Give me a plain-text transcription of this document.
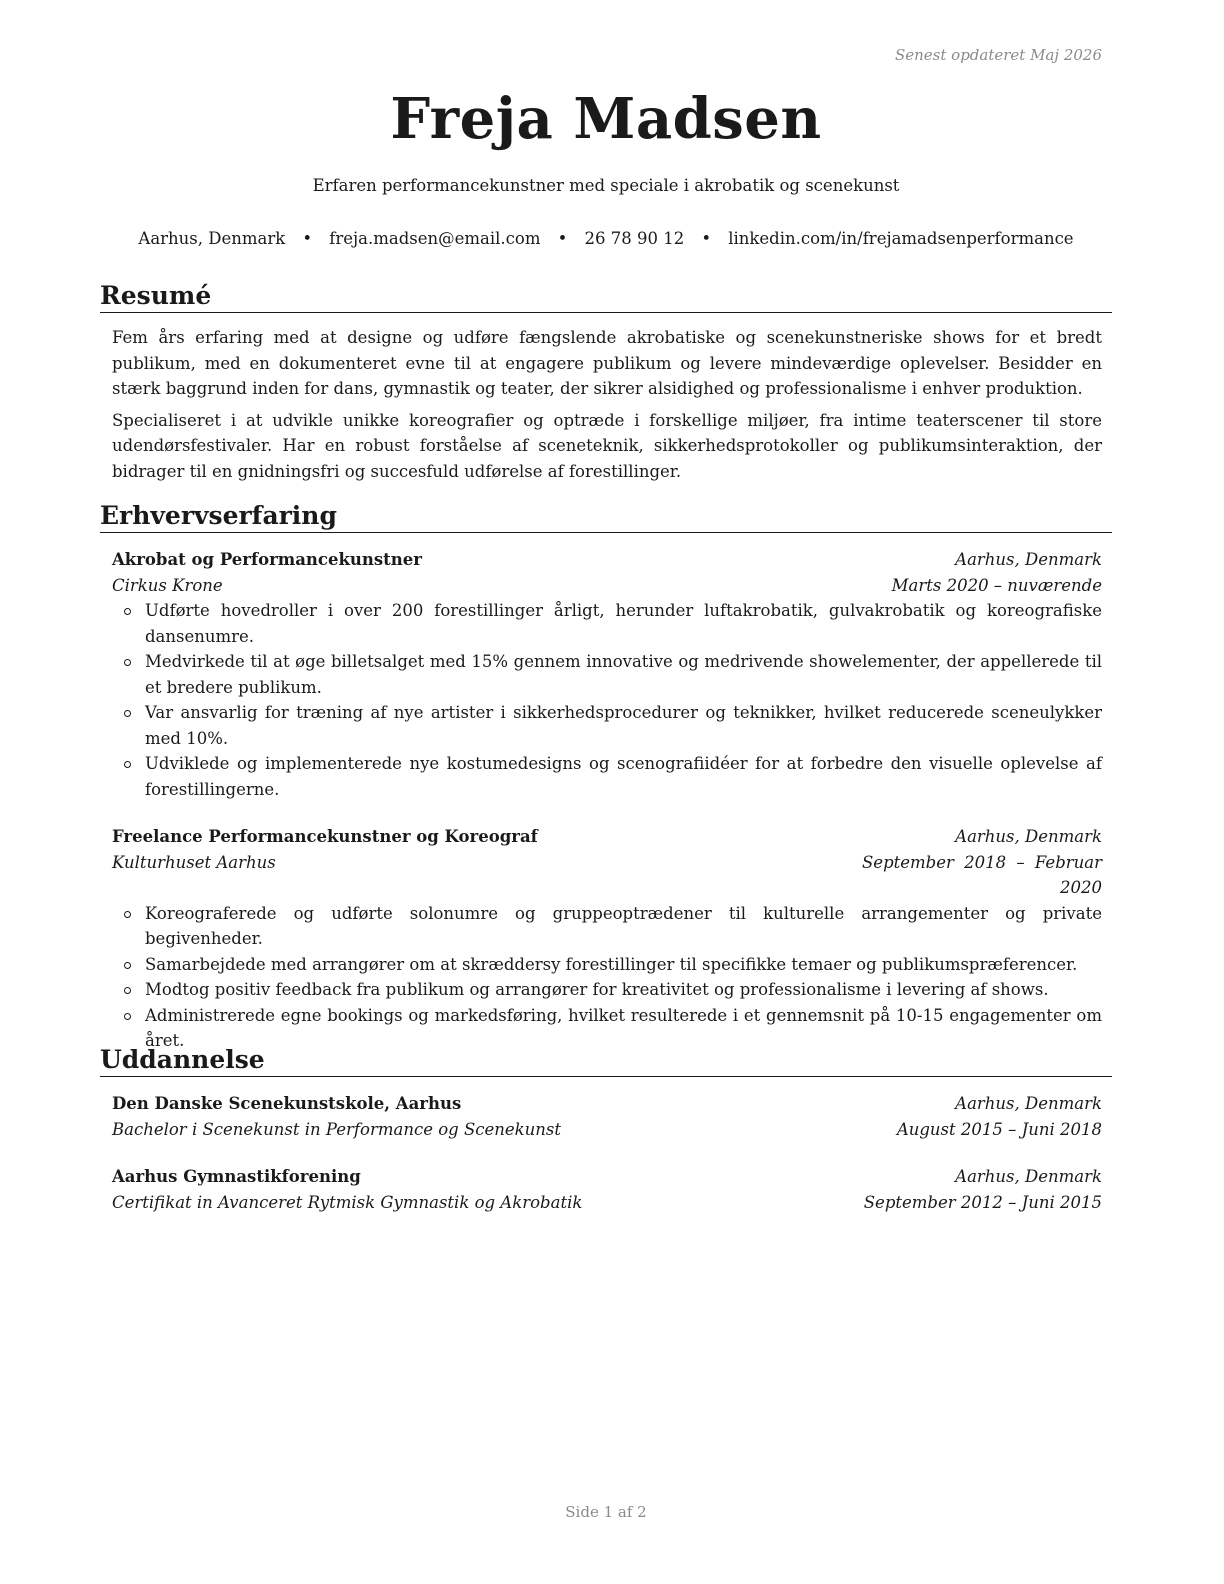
Senest opdateret Maj 2026
Freja Madsen
Erfaren performancekunstner med speciale i akrobatik og scenekunst
Aarhus, Denmark • freja.madsen@email.com • 26 78 90 12 • linkedin.com/in/frejamadsenperformance
Resumé

Fem års erfaring med at designe og udføre fængslende akrobatiske og scenekunstneriske shows for et bredt publikum, med en dokumenteret evne til at engagere publikum og levere mindeværdige oplevelser. Besidder en stærk baggrund inden for dans, gymnastik og teater, der sikrer alsidighed og professionalisme i enhver produktion.

Specialiseret i at udvikle unikke koreografier og optræde i forskellige miljøer, fra intime teaterscener til store udendørsfestivaler. Har en robust forståelse af sceneteknik, sikkerhedsprotokoller og publikumsinteraktion, der bidrager til en gnidningsfri og succesfuld udførelse af forestillinger.

Erhvervserfaring
Akrobat og Performancekunstner	Aarhus, Denmark
Cirkus Krone	Marts 2020 – nuværende
Udførte hovedroller i over 200 forestillinger årligt, herunder luftakrobatik, gulvakrobatik og koreografiske dansenumre.
Medvirkede til at øge billetsalget med 15% gennem innovative og medrivende showelementer, der appellerede til et bredere publikum.
Var ansvarlig for træning af nye artister i sikkerhedsprocedurer og teknikker, hvilket reducerede sceneulykker med 10%.
Udviklede og implementerede nye kostumedesigns og scenografiidéer for at forbedre den visuelle oplevelse af forestillingerne.
Freelance Performancekunstner og Koreograf	Aarhus, Denmark
Kulturhuset Aarhus	September 2018 – Februar 2020
Koreograferede og udførte solonumre og gruppeoptrædener til kulturelle arrangementer og private begivenheder.
Samarbejdede med arrangører om at skræddersy forestillinger til specifikke temaer og publikumspræferencer.
Modtog positiv feedback fra publikum og arrangører for kreativitet og professionalisme i levering af shows.
Administrerede egne bookings og markedsføring, hvilket resulterede i et gennemsnit på 10-15 engagementer om året.
Uddannelse
Den Danske Scenekunstskole, Aarhus	Aarhus, Denmark
Bachelor i Scenekunst in Performance og Scenekunst	August 2015 – Juni 2018
Aarhus Gymnastikforening	Aarhus, Denmark
Certifikat in Avanceret Rytmisk Gymnastik og Akrobatik	September 2012 – Juni 2015
Side 1 af 2
